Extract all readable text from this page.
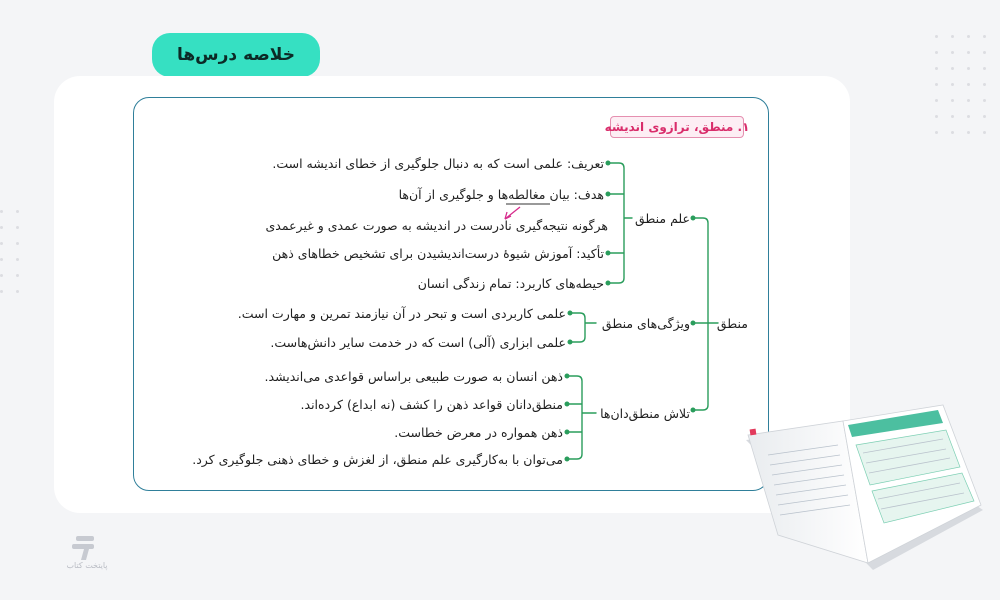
خلاصه درس‌ها
۱. منطق، ترازوی اندیشه
منطق
علم منطق
ویژگی‌های منطق
تلاش منطق‌دان‌ها
تعریف: علمی است که به دنبال جلوگیری از خطای اندیشه است.
هدف: بیان مغالطه‌ها و جلوگیری از آن‌ها
هرگونه نتیجه‌گیری نادرست در اندیشه به صورت عمدی و غیرعمدی
تأکید: آموزش شیوهٔ درست‌اندیشیدن برای تشخیص خطاهای ذهن
حیطه‌های کاربرد: تمام زندگی انسان
علمی کاربردی است و تبحر در آن نیازمند تمرین و مهارت است.
علمی ابزاری (آلی) است که در خدمت سایر دانش‌هاست.
ذهن انسان به صورت طبیعی براساس قواعدی می‌اندیشد.
منطق‌دانان قواعد ذهن را کشف (نه ابداع) کرده‌اند.
ذهن همواره در معرض خطاست.
می‌توان با به‌کارگیری علم منطق، از لغزش و خطای ذهنی جلوگیری کرد.
پایتخت کتاب
